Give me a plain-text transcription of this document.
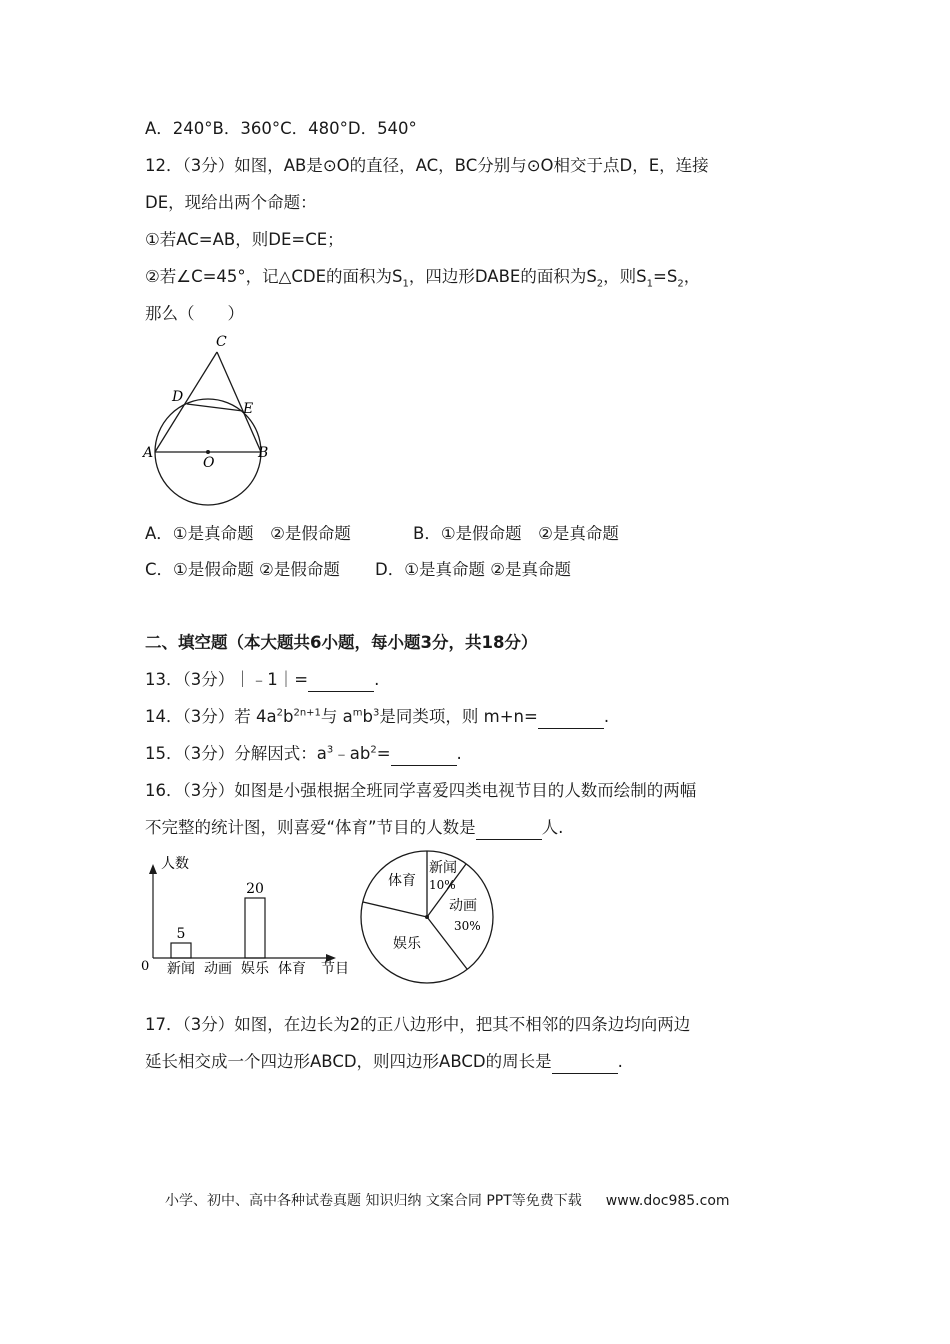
A．240°B．360°C．480°D．540°
12．（3分）如图，AB是⊙O的直径，AC，BC分别与⊙O相交于点D，E，连接
DE，现给出两个命题：
①若AC=AB，则DE=CE；
②若∠C=45°，记△CDE的面积为$S_1$，四边形DABE的面积为$S_2$，则$S_1=S_2$，
那么（　　）
C
D
E
A
O
B
A．①是真命题　②是假命题	B．①是假命题　②是真命题
C．①是假命题 ②是假命题 D．①是真命题 ②是真命题
二、填空题（本大题共6小题，每小题3分，共18分）
13．（3分）｜﹣1｜=	.
14．（3分）若 $4a^2b^{2n+1}$与 $a^mb^3$是同类项，则 m+n=	.
15．（3分）分解因式：$a^3﹣ab^2=$	.
16．（3分）如图是小强根据全班同学喜爱四类电视节目的人数而绘制的两幅
不完整的统计图，则喜爱“体育”节目的人数是	人.
人数
节目
0
5
新闻 动画
20
娱乐 体育
体育
新闻
10%
动画
30%
娱乐
17．（3分）如图，在边长为2的正八边形中，把其不相邻的四条边均向两边
延长相交成一个四边形ABCD，则四边形ABCD的周长是	.
小学、初中、高中各种试卷真题 知识归纳 文案合同 PPT等免费下载 www.doc985.com
